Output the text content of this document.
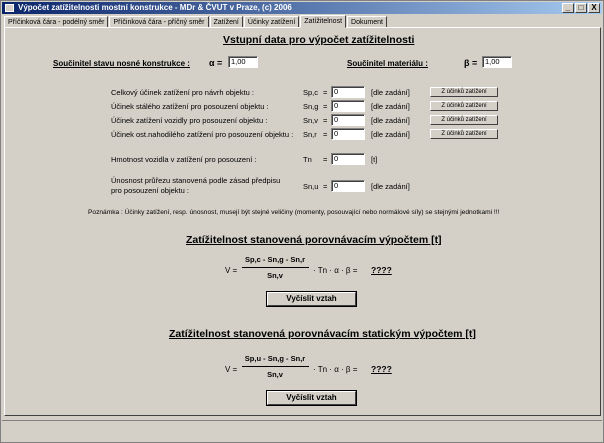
Výpočet zatížitelnosti mostní konstrukce - MDr & ČVUT v Praze, (c) 2006	_	□ X
Příčinková čára - podélný směr	Příčinková čára - příčný směr	Zatížení	Účinky zatížení	Zatížitelnost	Dokument
Vstupní data pro výpočet zatížitelnosti
Součinitel stavu nosné konstrukce : α =	1,00	Součinitel materiálu :	β =	1,00
Celkový účinek zatížení pro návrh objektu :	Sp,c = 0	[dle zadání]	Z účinků zatížení
Účinek stálého zatížení pro posouzení objektu :	Sn,g = 0	[dle zadání]	Z účinků zatížení
Účinek zatížení vozidly pro posouzení objektu :	Sn,v = 0	[dle zadání]	Z účinků zatížení
Účinek ost.nahodilého zatížení pro posouzení objektu : Sn,r = 0	[dle zadání]	Z účinků zatížení
Hmotnost vozidla v zatížení pro posouzení :	Tn = 0	[t]
Únosnost průřezu stanovená podle zásad předpisu
pro posouzení objektu :	Sn,u = 0	[dle zadání]
Poznámka : Účinky zatížení, resp. únosnost, musejí být stejné veličiny (momenty, posouvající nebo normálové síly) se stejnými jednotkami !!!
Zatížitelnost stanovená porovnávacím výpočtem [t]
V =
Sp,c - Sn,g - Sn,r
Sn,v
· Tn · α · β = ????
Vyčíslit vztah
Zatížitelnost stanovená porovnávacím statickým výpočtem [t]
V =
Sp,u - Sn,g - Sn,r
Sn,v
· Tn · α · β = ????
Vyčíslit vztah
